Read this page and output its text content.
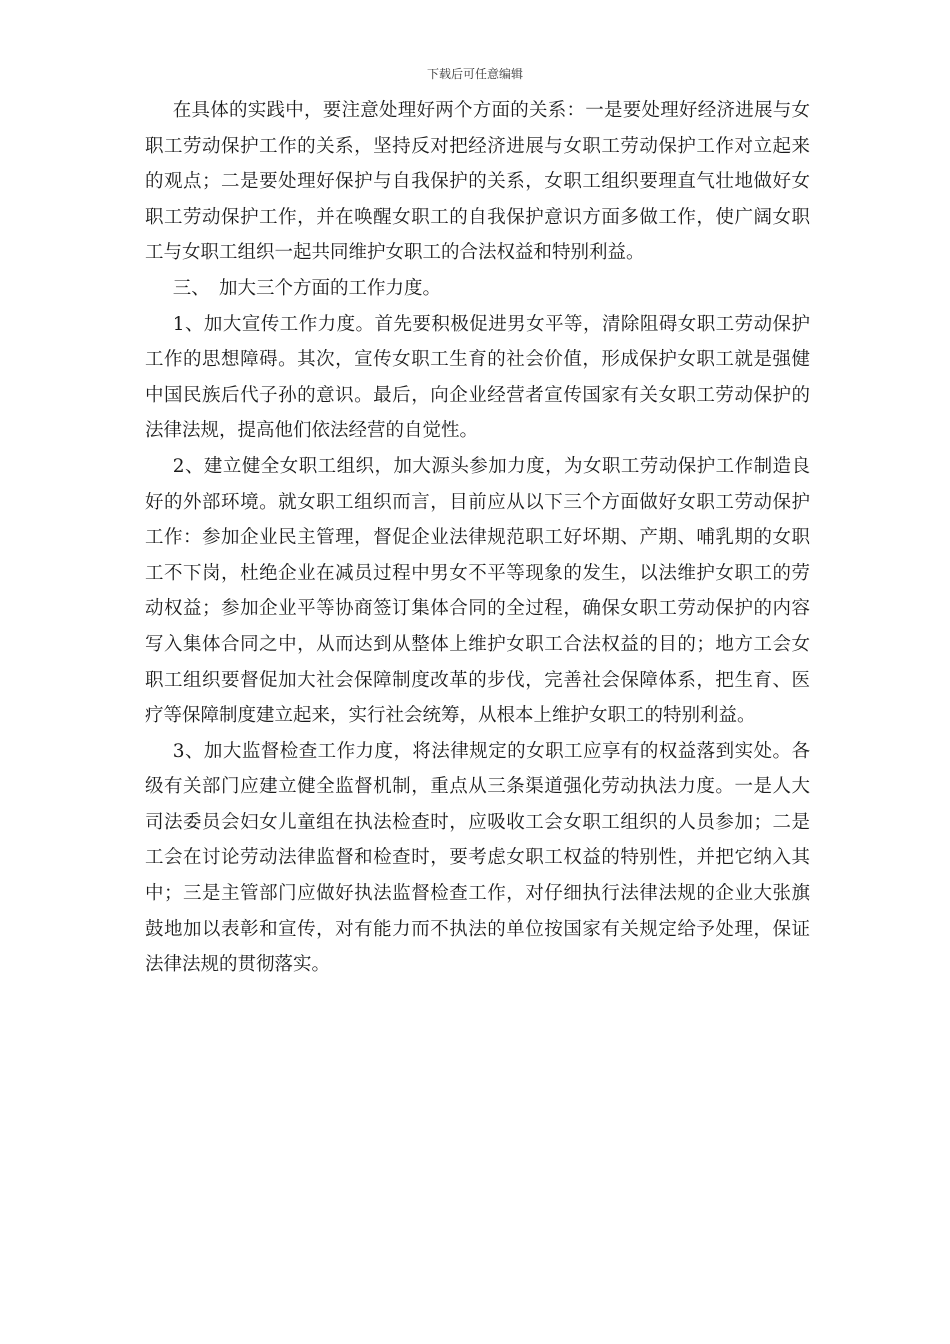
下载后可任意编辑

在具体的实践中，要注意处理好两个方面的关系：一是要处理好经济进展与女职工劳动保护工作的关系，坚持反对把经济进展与女职工劳动保护工作对立起来的观点；二是要处理好保护与自我保护的关系，女职工组织要理直气壮地做好女职工劳动保护工作，并在唤醒女职工的自我保护意识方面多做工作，使广阔女职工与女职工组织一起共同维护女职工的合法权益和特别利益。

三、　加大三个方面的工作力度。

1、加大宣传工作力度。首先要积极促进男女平等，清除阻碍女职工劳动保护工作的思想障碍。其次，宣传女职工生育的社会价值，形成保护女职工就是强健中国民族后代子孙的意识。最后，向企业经营者宣传国家有关女职工劳动保护的法律法规，提高他们依法经营的自觉性。

2、建立健全女职工组织，加大源头参加力度，为女职工劳动保护工作制造良好的外部环境。就女职工组织而言，目前应从以下三个方面做好女职工劳动保护工作：参加企业民主管理，督促企业法律规范职工好坏期、产期、哺乳期的女职工不下岗，杜绝企业在减员过程中男女不平等现象的发生，以法维护女职工的劳动权益；参加企业平等协商签订集体合同的全过程，确保女职工劳动保护的内容写入集体合同之中，从而达到从整体上维护女职工合法权益的目的；地方工会女职工组织要督促加大社会保障制度改革的步伐，完善社会保障体系，把生育、医疗等保障制度建立起来，实行社会统筹，从根本上维护女职工的特别利益。

3、加大监督检查工作力度，将法律规定的女职工应享有的权益落到实处。各级有关部门应建立健全监督机制，重点从三条渠道强化劳动执法力度。一是人大司法委员会妇女儿童组在执法检查时，应吸收工会女职工组织的人员参加；二是工会在讨论劳动法律监督和检查时，要考虑女职工权益的特别性，并把它纳入其中；三是主管部门应做好执法监督检查工作，对仔细执行法律法规的企业大张旗鼓地加以表彰和宣传，对有能力而不执法的单位按国家有关规定给予处理，保证法律法规的贯彻落实。
